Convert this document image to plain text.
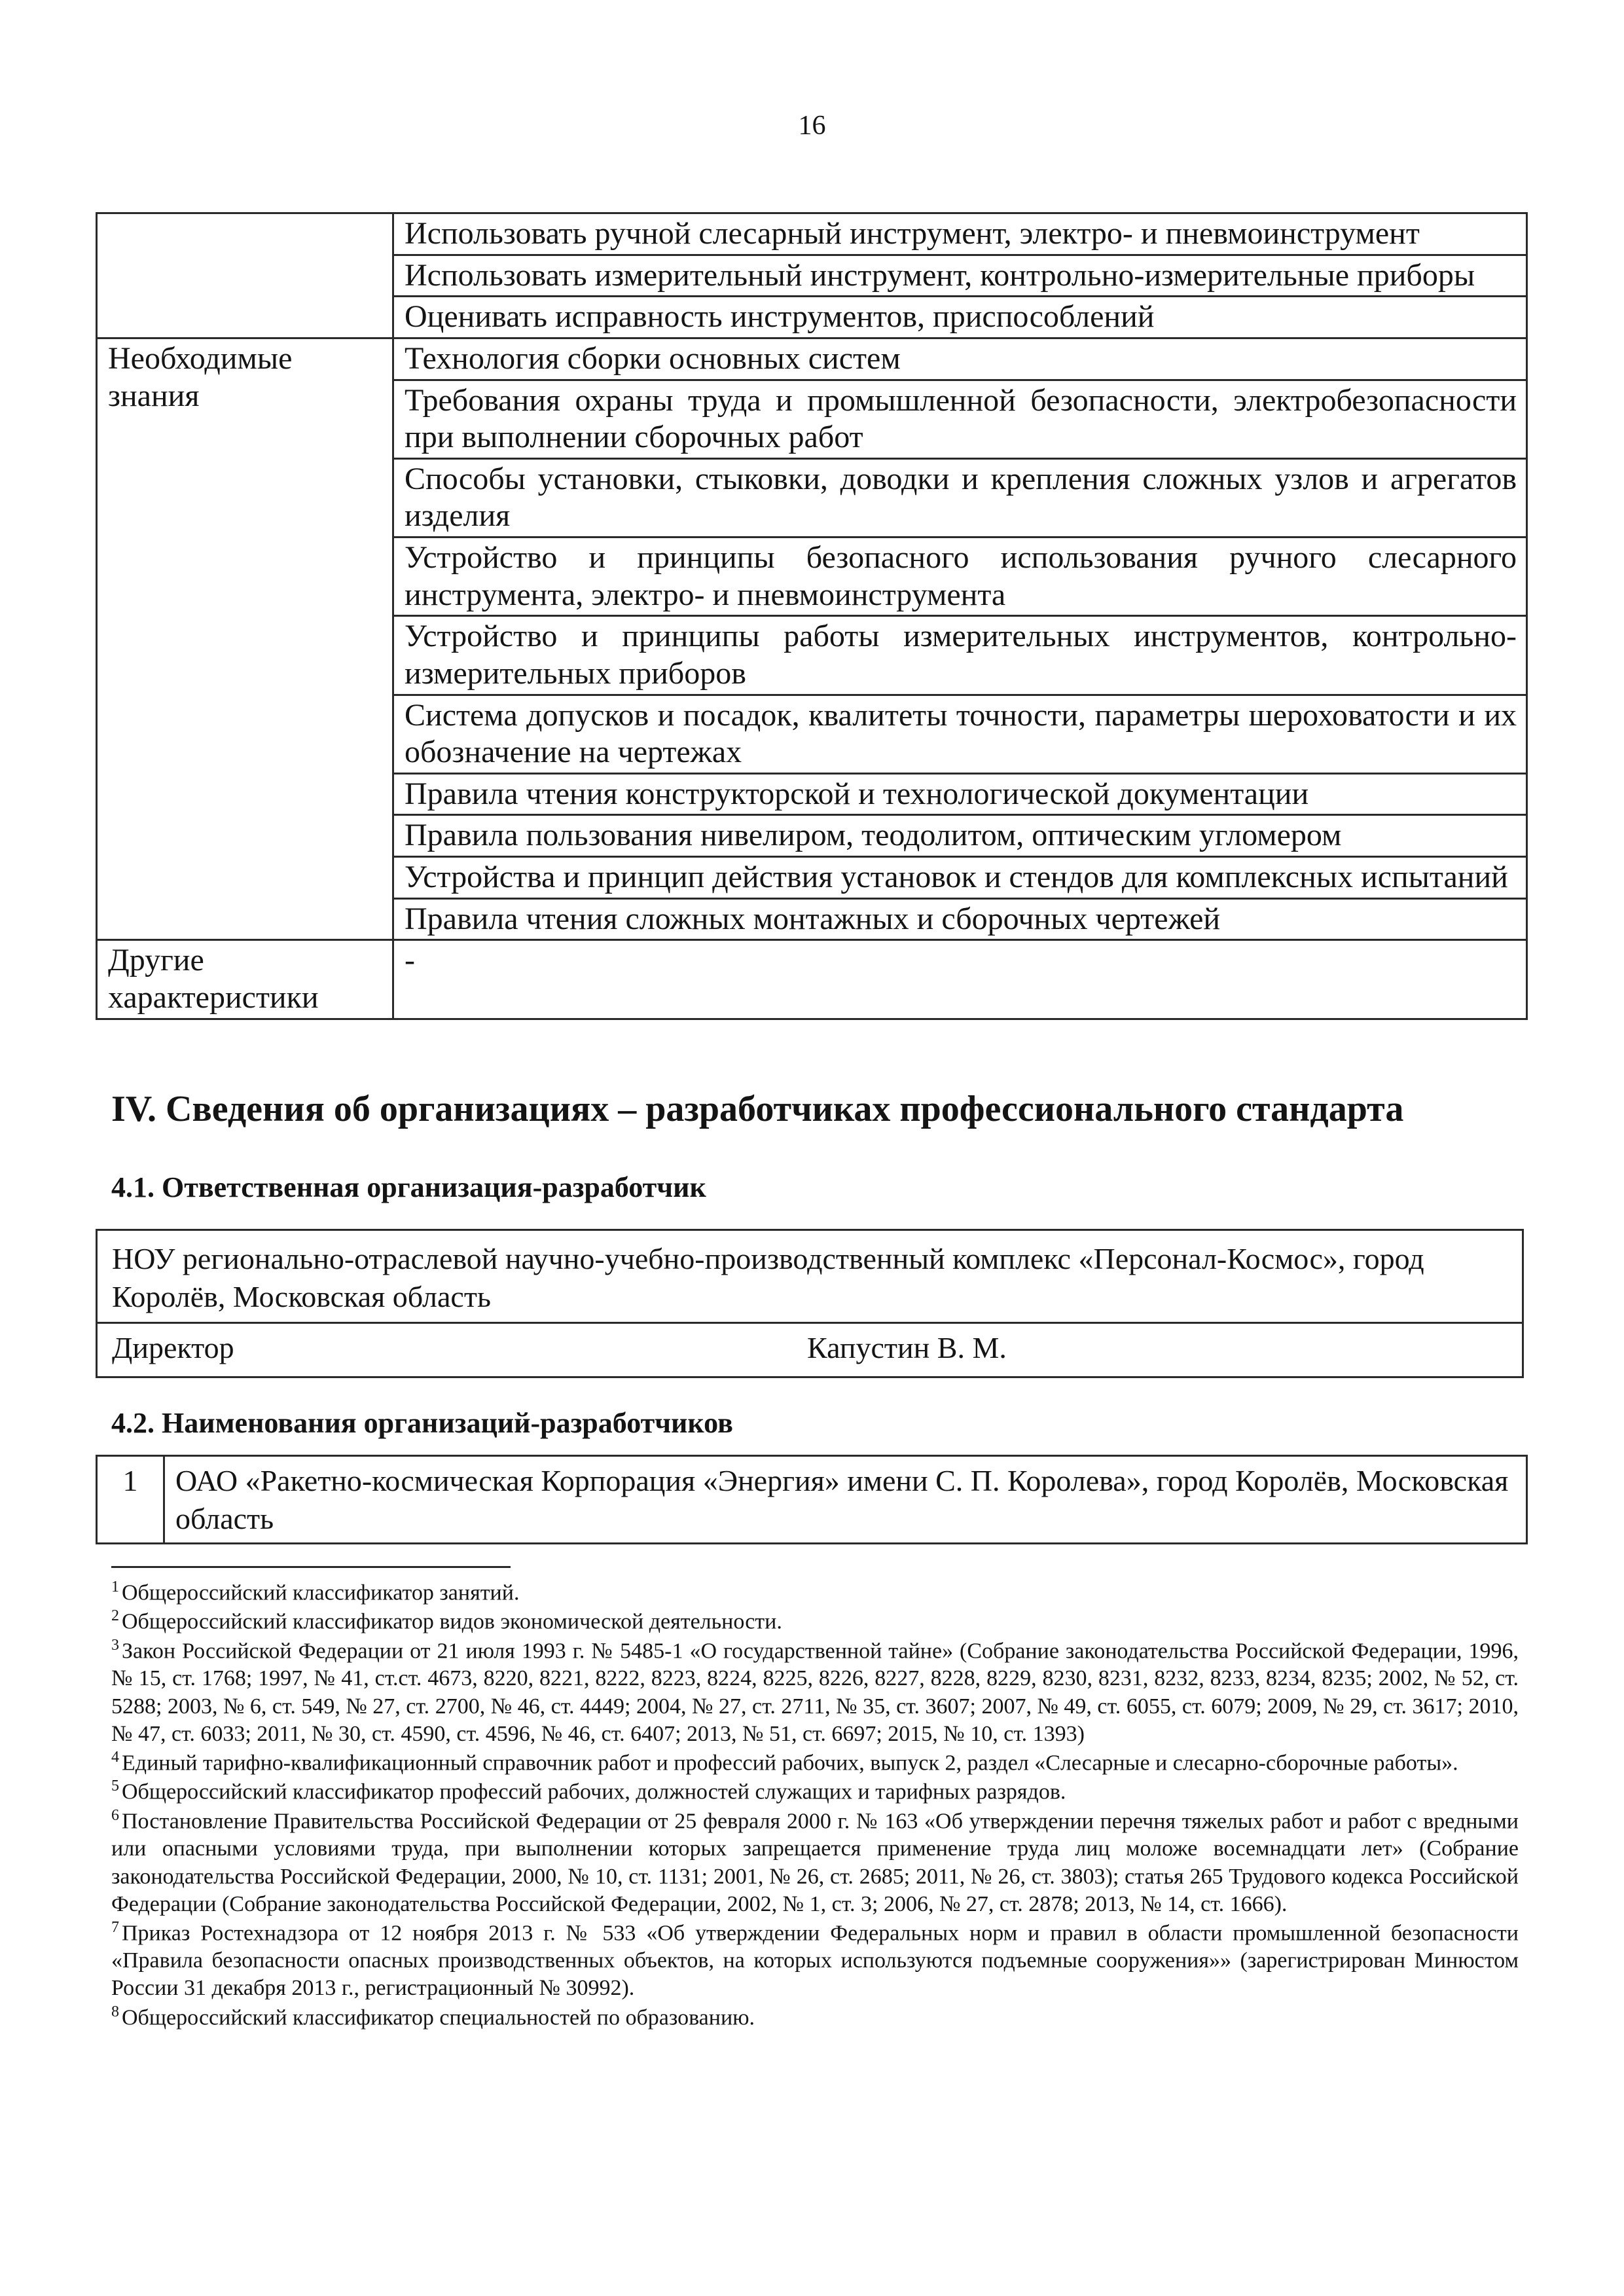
16
	Использовать ручной слесарный инструмент, электро- и пневмоинструмент
	Использовать измерительный инструмент, контрольно-измерительные приборы
	Оценивать исправность инструментов, приспособлений
Необходимые знания	Технология сборки основных систем
	Требования охраны труда и промышленной безопасности, электробезопасности при выполнении сборочных работ
	Способы установки, стыковки, доводки и крепления сложных узлов и агрегатов изделия
	Устройство и принципы безопасного использования ручного слесарного инструмента, электро- и пневмоинструмента
	Устройство и принципы работы измерительных инструментов, контрольно-измерительных приборов
	Система допусков и посадок, квалитеты точности, параметры шероховатости и их обозначение на чертежах
	Правила чтения конструкторской и технологической документации
	Правила пользования нивелиром, теодолитом, оптическим угломером
	Устройства и принцип действия установок и стендов для комплексных испытаний
	Правила чтения сложных монтажных и сборочных чертежей
Другие характеристики	-
IV. Сведения об организациях – разработчиках профессионального стандарта
4.1. Ответственная организация-разработчик
НОУ регионально-отраслевой научно-учебно-производственный комплекс «Персонал-Космос», город Королёв, Московская область
Директор	Капустин В. М.
4.2. Наименования организаций-разработчиков
1	ОАО «Ракетно-космическая Корпорация «Энергия» имени С. П. Королева», город Королёв, Московская область
$^1$ Общероссийский классификатор занятий.
$^2$ Общероссийский классификатор видов экономической деятельности.
$^3$ Закон Российской Федерации от 21 июля 1993 г. № 5485-1 «О государственной тайне» (Собрание законодательства Российской Федерации, 1996, № 15, ст. 1768; 1997, № 41, ст.ст. 4673, 8220, 8221, 8222, 8223, 8224, 8225, 8226, 8227, 8228, 8229, 8230, 8231, 8232, 8233, 8234, 8235; 2002, № 52, ст. 5288; 2003, № 6, ст. 549, № 27, ст. 2700, № 46, ст. 4449; 2004, № 27, ст. 2711, № 35, ст. 3607; 2007, № 49, ст. 6055, ст. 6079; 2009, № 29, ст. 3617; 2010, № 47, ст. 6033; 2011, № 30, ст. 4590, ст. 4596, № 46, ст. 6407; 2013, № 51, ст. 6697; 2015, № 10, ст. 1393)
$^4$ Единый тарифно-квалификационный справочник работ и профессий рабочих, выпуск 2, раздел «Слесарные и слесарно-сборочные работы».
$^5$ Общероссийский классификатор профессий рабочих, должностей служащих и тарифных разрядов.
$^6$ Постановление Правительства Российской Федерации от 25 февраля 2000 г. № 163 «Об утверждении перечня тяжелых работ и работ с вредными или опасными условиями труда, при выполнении которых запрещается применение труда лиц моложе восемнадцати лет» (Собрание законодательства Российской Федерации, 2000, № 10, ст. 1131; 2001, № 26, ст. 2685; 2011, № 26, ст. 3803); статья 265 Трудового кодекса Российской Федерации (Собрание законодательства Российской Федерации, 2002, № 1, ст. 3; 2006, № 27, ст. 2878; 2013, № 14, ст. 1666).
$^7$ Приказ Ростехнадзора от 12 ноября 2013 г. № 533 «Об утверждении Федеральных норм и правил в области промышленной безопасности «Правила безопасности опасных производственных объектов, на которых используются подъемные сооружения»» (зарегистрирован Минюстом России 31 декабря 2013 г., регистрационный № 30992).
$^8$ Общероссийский классификатор специальностей по образованию.
